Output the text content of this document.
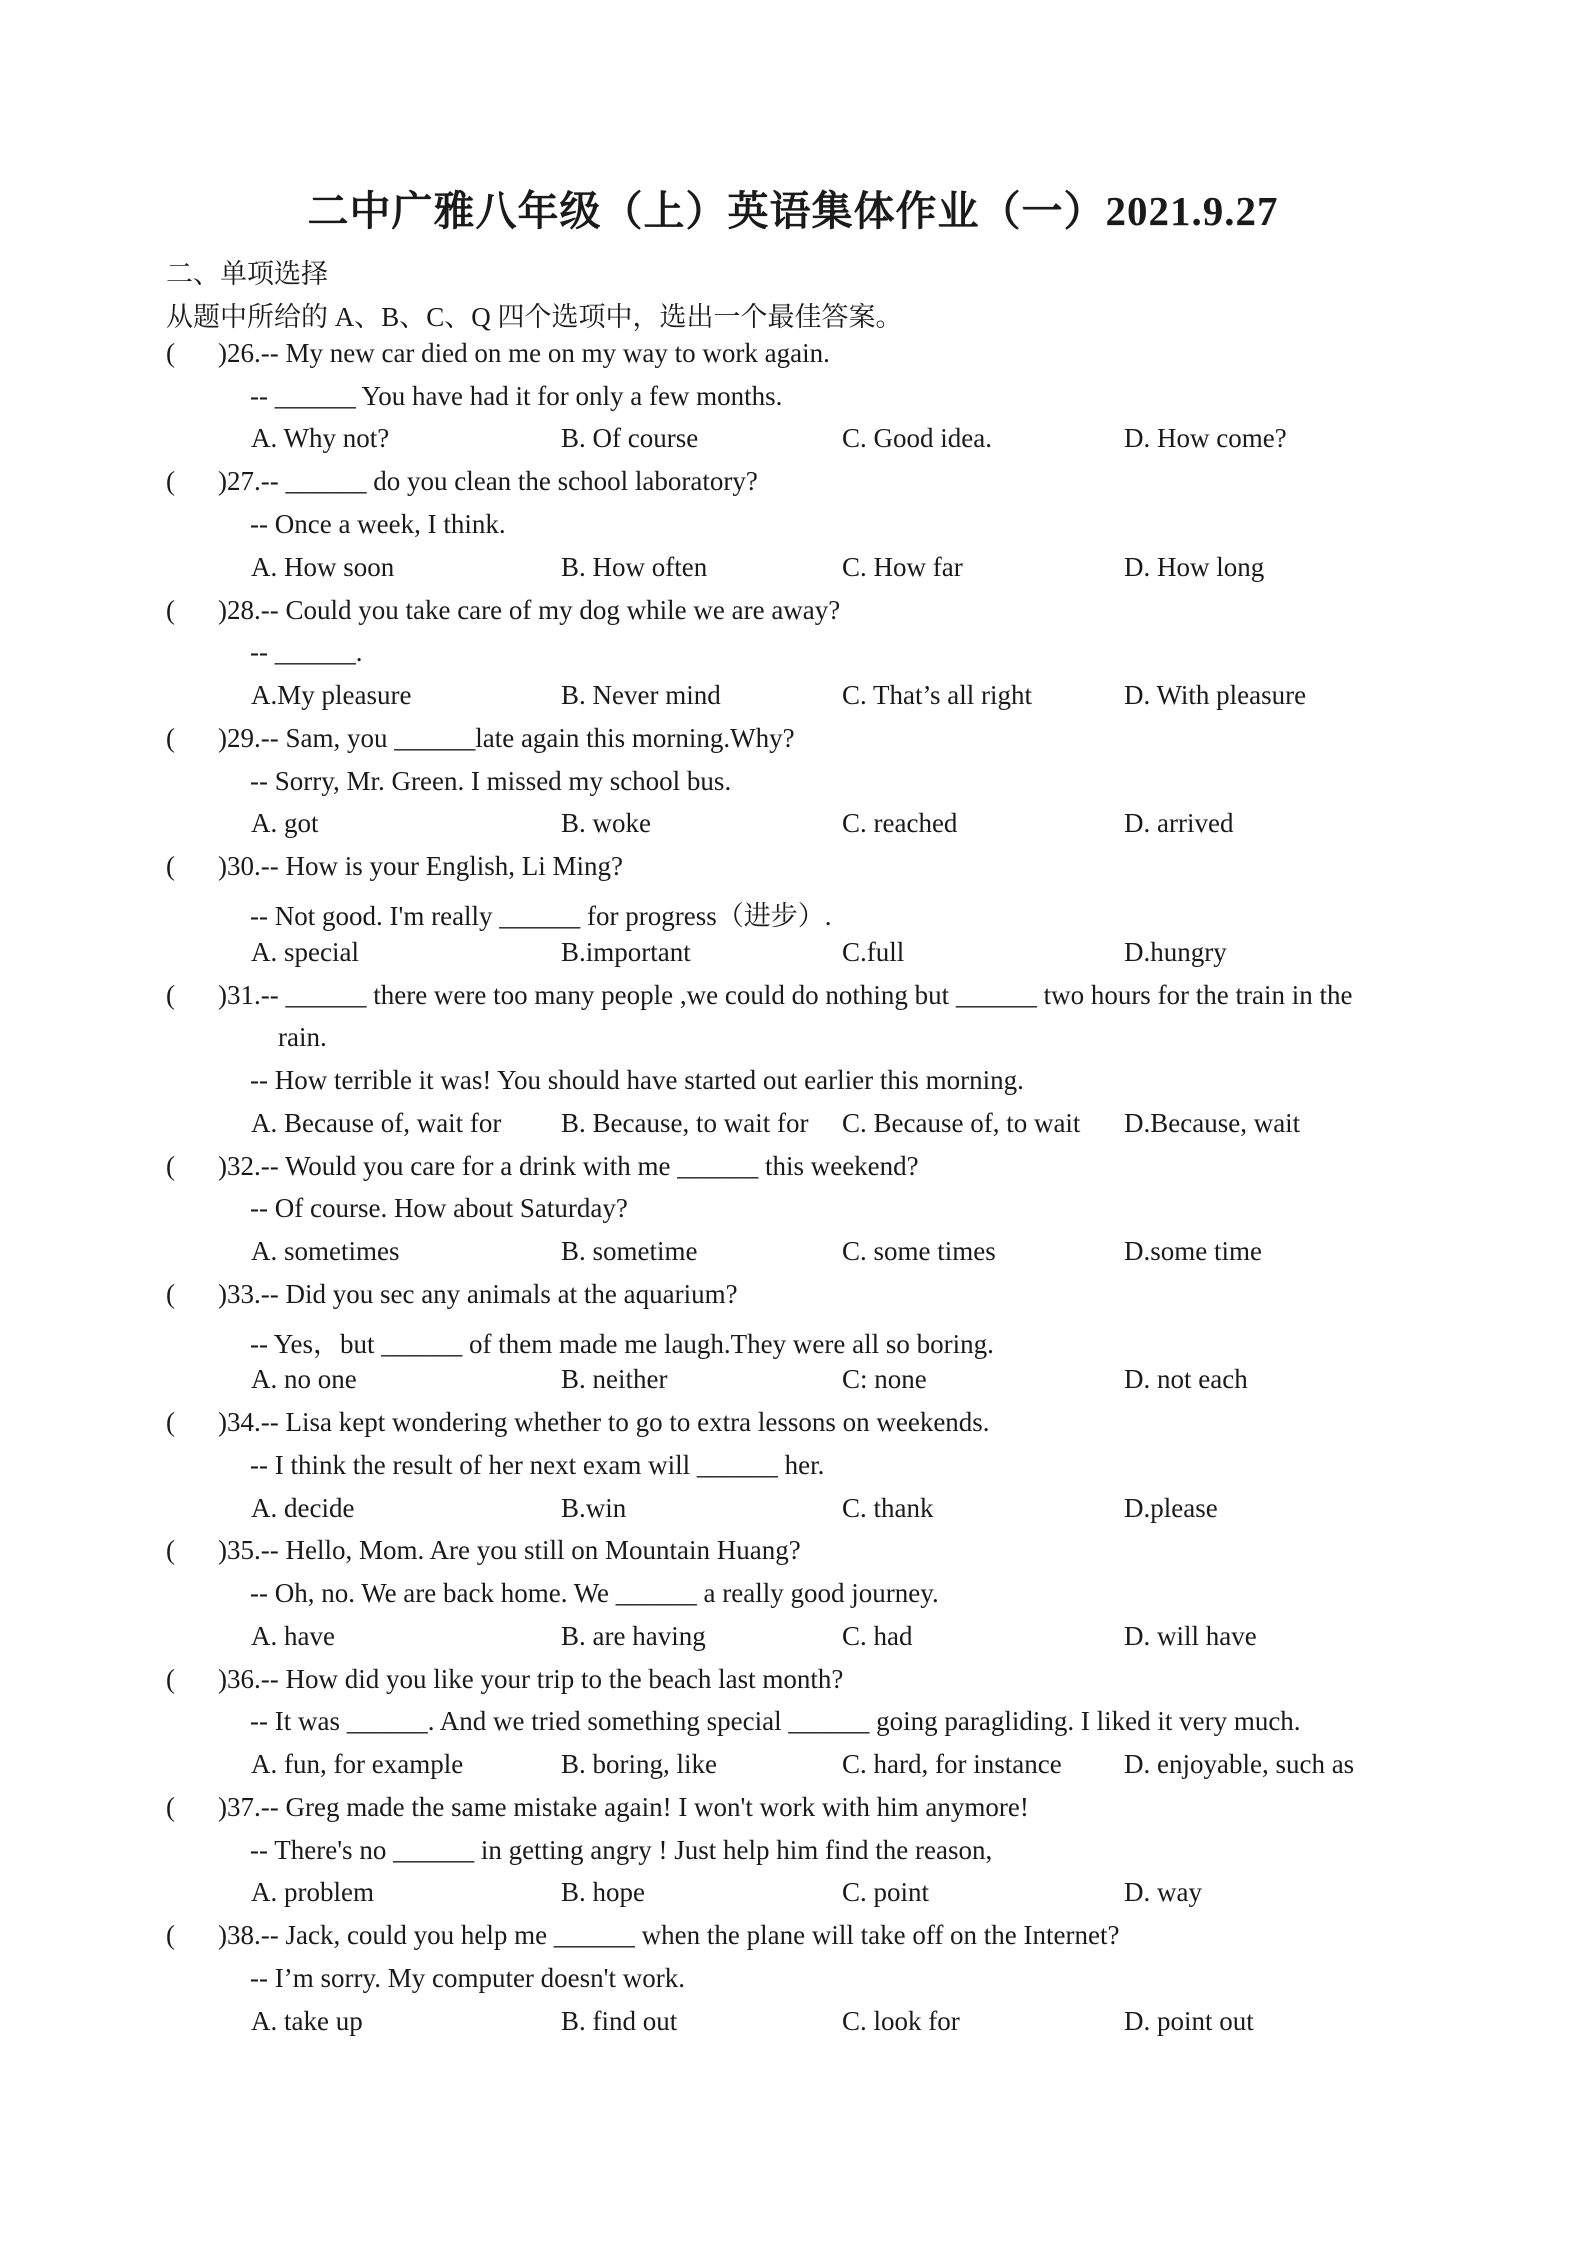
二中广雅八年级（上）英语集体作业（一）2021.9.27
二、单项选择
从题中所给的 A、B、C、Q 四个选项中，选出一个最佳答案。
( )26.-- My new car died on me on my way to work again.
-- ______ You have had it for only a few months.
A. Why not?	B. Of course	C. Good idea.	D. How come?
( )27.-- ______ do you clean the school laboratory?
-- Once a week, I think.
A. How soon	B. How often	C. How far	D. How long
( )28.-- Could you take care of my dog while we are away?
-- ______.
A.My pleasure	B. Never mind	C. That’s all right	D. With pleasure
( )29.-- Sam, you ______late again this morning.Why?
-- Sorry, Mr. Green. I missed my school bus.
A. got	B. woke	C. reached	D. arrived
( )30.-- How is your English, Li Ming?
-- Not good. I'm really ______ for progress（进步）.
A. special	B.important	C.full	D.hungry
( )31.-- ______ there were too many people ,we could do nothing but ______ two hours for the train in the
rain.
-- How terrible it was! You should have started out earlier this morning.
A. Because of, wait for B. Because, to wait for C. Because of, to wait D.Because, wait
( )32.-- Would you care for a drink with me ______ this weekend?
-- Of course. How about Saturday?
A. sometimes	B. sometime	C. some times	D.some time
( )33.-- Did you sec any animals at the aquarium?
-- Yes，but ______ of them made me laugh.They were all so boring.
A. no one	B. neither	C: none	D. not each
( )34.-- Lisa kept wondering whether to go to extra lessons on weekends.
-- I think the result of her next exam will ______ her.
A. decide	B.win	C. thank	D.please
( )35.-- Hello, Mom. Are you still on Mountain Huang?
-- Oh, no. We are back home. We ______ a really good journey.
A. have	B. are having	C. had	D. will have
( )36.-- How did you like your trip to the beach last month?
-- It was ______. And we tried something special ______ going paragliding. I liked it very much.
A. fun, for example	B. boring, like	C. hard, for instance D. enjoyable, such as
( )37.-- Greg made the same mistake again! I won't work with him anymore!
-- There's no ______ in getting angry ! Just help him find the reason,
A. problem	B. hope	C. point	D. way
( )38.-- Jack, could you help me ______ when the plane will take off on the Internet?
-- I’m sorry. My computer doesn't work.
A. take up	B. find out	C. look for	D. point out
